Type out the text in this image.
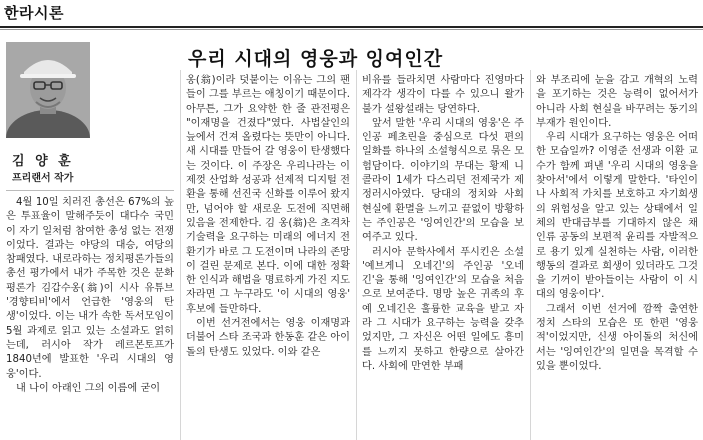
한라시론
김 양 훈
프리랜서 작가
우리 시대의 영웅과 잉여인간

4월 10일 치러진 총선은 67%의 높은 투표율이 말해주듯이 대다수 국민이 자기 일처럼 참여한 총성 없는 전쟁이었다. 결과는 야당의 대승, 여당의 참패였다. 내로라하는 정치평론가들의 총선 평가에서 내가 주목한 것은 문화평론가 김갑수옹(翁)이 시사 유튜브 '경향티비'에서 언급한 '영웅의 탄생'이었다. 이는 내가 속한 독서모임이 5월 과제로 읽고 있는 소설과도 얽히는데, 러시아 작가 레르몬토프가 1840년에 발표한 '우리 시대의 영웅'이다.

내 나이 아래인 그의 이름에 굳이

옹(翁)이라 덧붙이는 이유는 그의 팬들이 그를 부르는 애칭이기 때문이다. 아무튼, 그가 요약한 한 줄 관전평은 "이재명을 건졌다"였다. 사법살인의 늪에서 건져 올렸다는 뜻만이 아니다. 새 시대를 만들어 갈 영웅이 탄생했다는 것이다. 이 주장은 우리나라는 이제껏 산업화 성공과 선제적 디지털 전환을 통해 선진국 신화를 이루어 왔지만, 넘어야 할 새로운 도전에 직면해 있음을 전제한다. 김 옹(翁)은 초격차 기술력을 요구하는 미래의 에너지 전환기가 바로 그 도전이며 나라의 존망이 걸린 문제로 본다. 이에 대한 정확한 인식과 해법을 명료하게 가진 지도자라면 그 누구라도 '이 시대의 영웅' 후보에 들만하다.

이번 선거전에서는 영웅 이재명과 더불어 스타 조국과 한동훈 같은 아이돌의 탄생도 있었다. 이와 같은

비유를 들라치면 사람마다 진영마다 제각각 생각이 다를 수 있으니 왈가불가 설왕설래는 당연하다.

앞서 말한 '우리 시대의 영웅'은 주인공 페초린을 중심으로 다섯 편의 일화를 하나의 소설형식으로 묶은 모험담이다. 이야기의 무대는 황제 니콜라이 1세가 다스리던 전제국가 제정러시아였다. 당대의 정치와 사회 현실에 환멸을 느끼고 끝없이 방황하는 주인공은 '잉여인간'의 모습을 보여주고 있다.

러시아 문학사에서 푸시킨은 소설 '예브게니 오네긴'의 주인공 '오네긴'을 통해 '잉여인간'의 모습을 처음으로 보여준다. 명망 높은 귀족의 후예 오네긴은 훌륭한 교육을 받고 자라 그 시대가 요구하는 능력을 갖추었지만, 그 자신은 어떤 일에도 흥미를 느끼지 못하고 한량으로 살아간다. 사회에 만연한 부패

와 부조리에 눈을 감고 개혁의 노력을 포기하는 것은 능력이 없어서가 아니라 사회 현실을 바꾸려는 동기의 부재가 원인이다.

우리 시대가 요구하는 영웅은 어떠한 모습일까? 이영준 선생과 이환 교수가 함께 펴낸 '우리 시대의 영웅을 찾아서'에서 이렇게 말한다. '타인이나 사회적 가치를 보호하고 자기희생의 위험성을 알고 있는 상태에서 일체의 반대급부를 기대하지 않은 채 인류 공동의 보편적 윤리를 자발적으로 용기 있게 실천하는 사람, 이러한 행동의 결과로 희생이 있더라도 그것을 기꺼이 받아들이는 사람이 이 시대의 영웅이다'.

그래서 이번 선거에 깜짝 출연한 정치 스타의 모습은 또 한편 '영웅적'이었지만, 신생 아이돌의 처신에서는 '잉여인간'의 일면을 목격할 수 있을 뿐이었다.
